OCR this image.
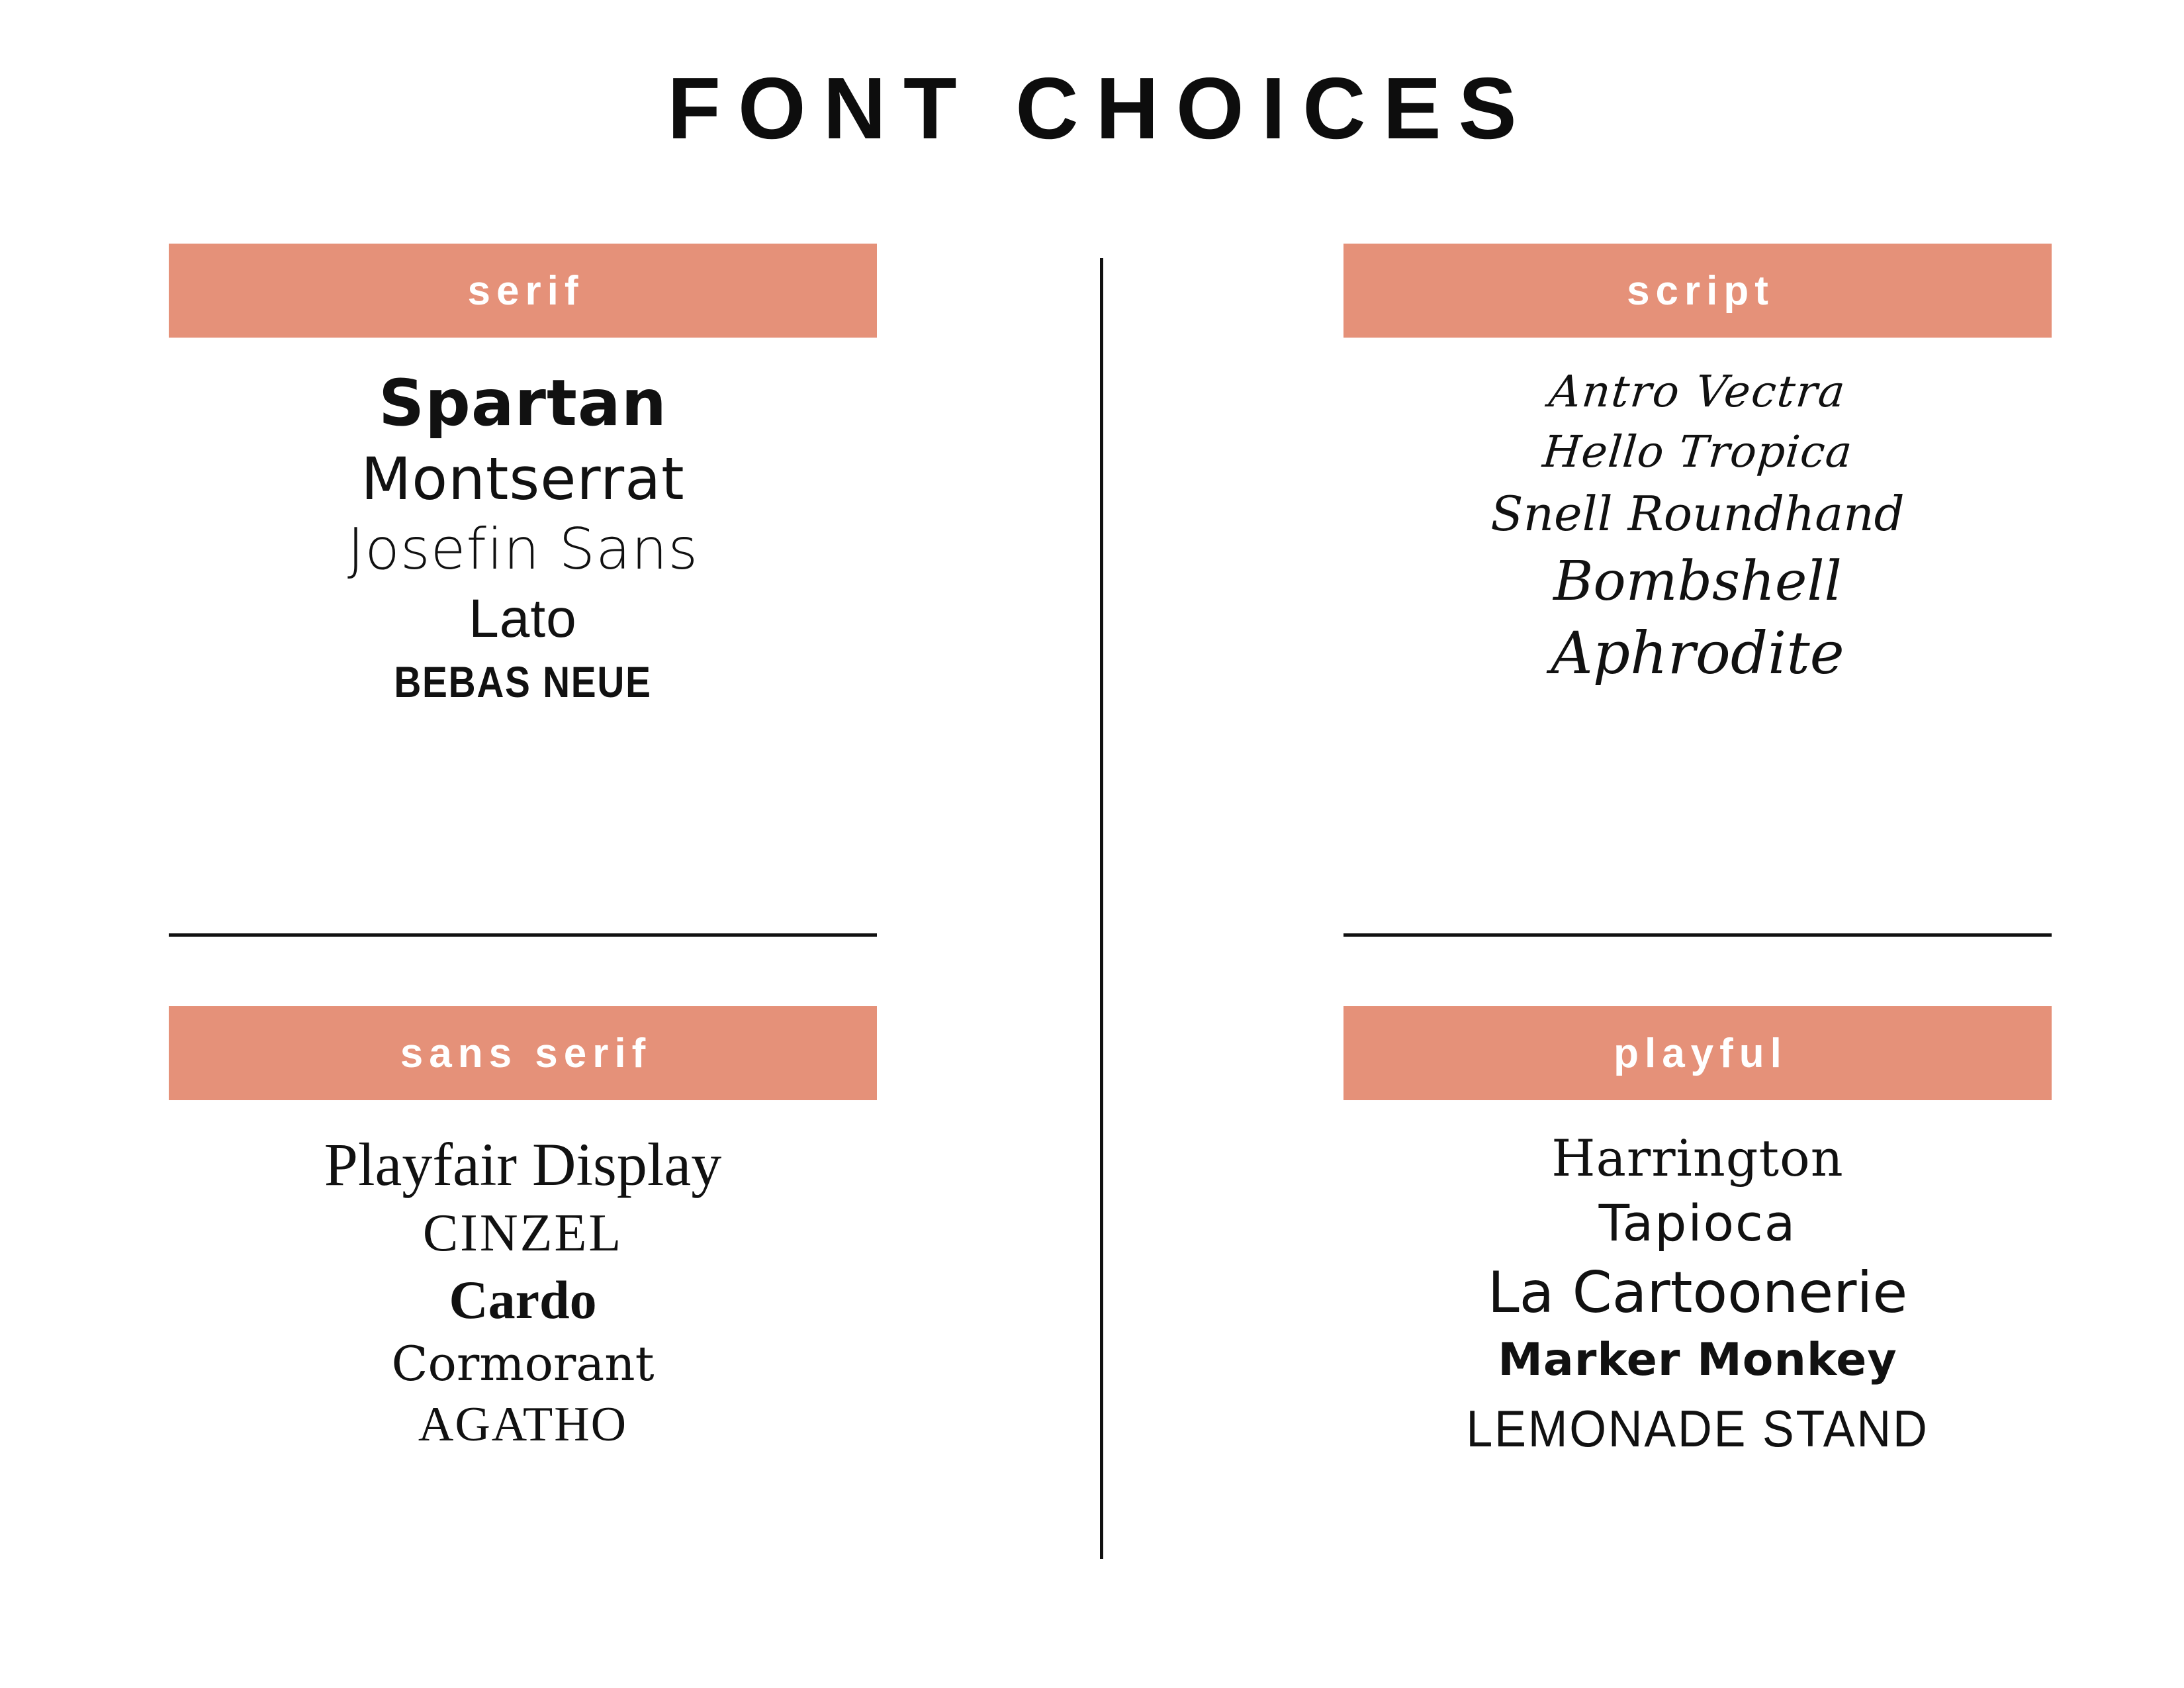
FONT CHOICES
serif
Spartan
Montserrat
Josefin Sans
Lato
BEBAS NEUE
script
Antro Vectra
Hello Tropica
Snell Roundhand
Bombshell
Aphrodite
sans serif
Playfair Display
CINZEL
Cardo
Cormorant
AGATHO
playful
Harrington
Tapioca
La Cartoonerie
Marker Monkey
LEMONADE STAND
